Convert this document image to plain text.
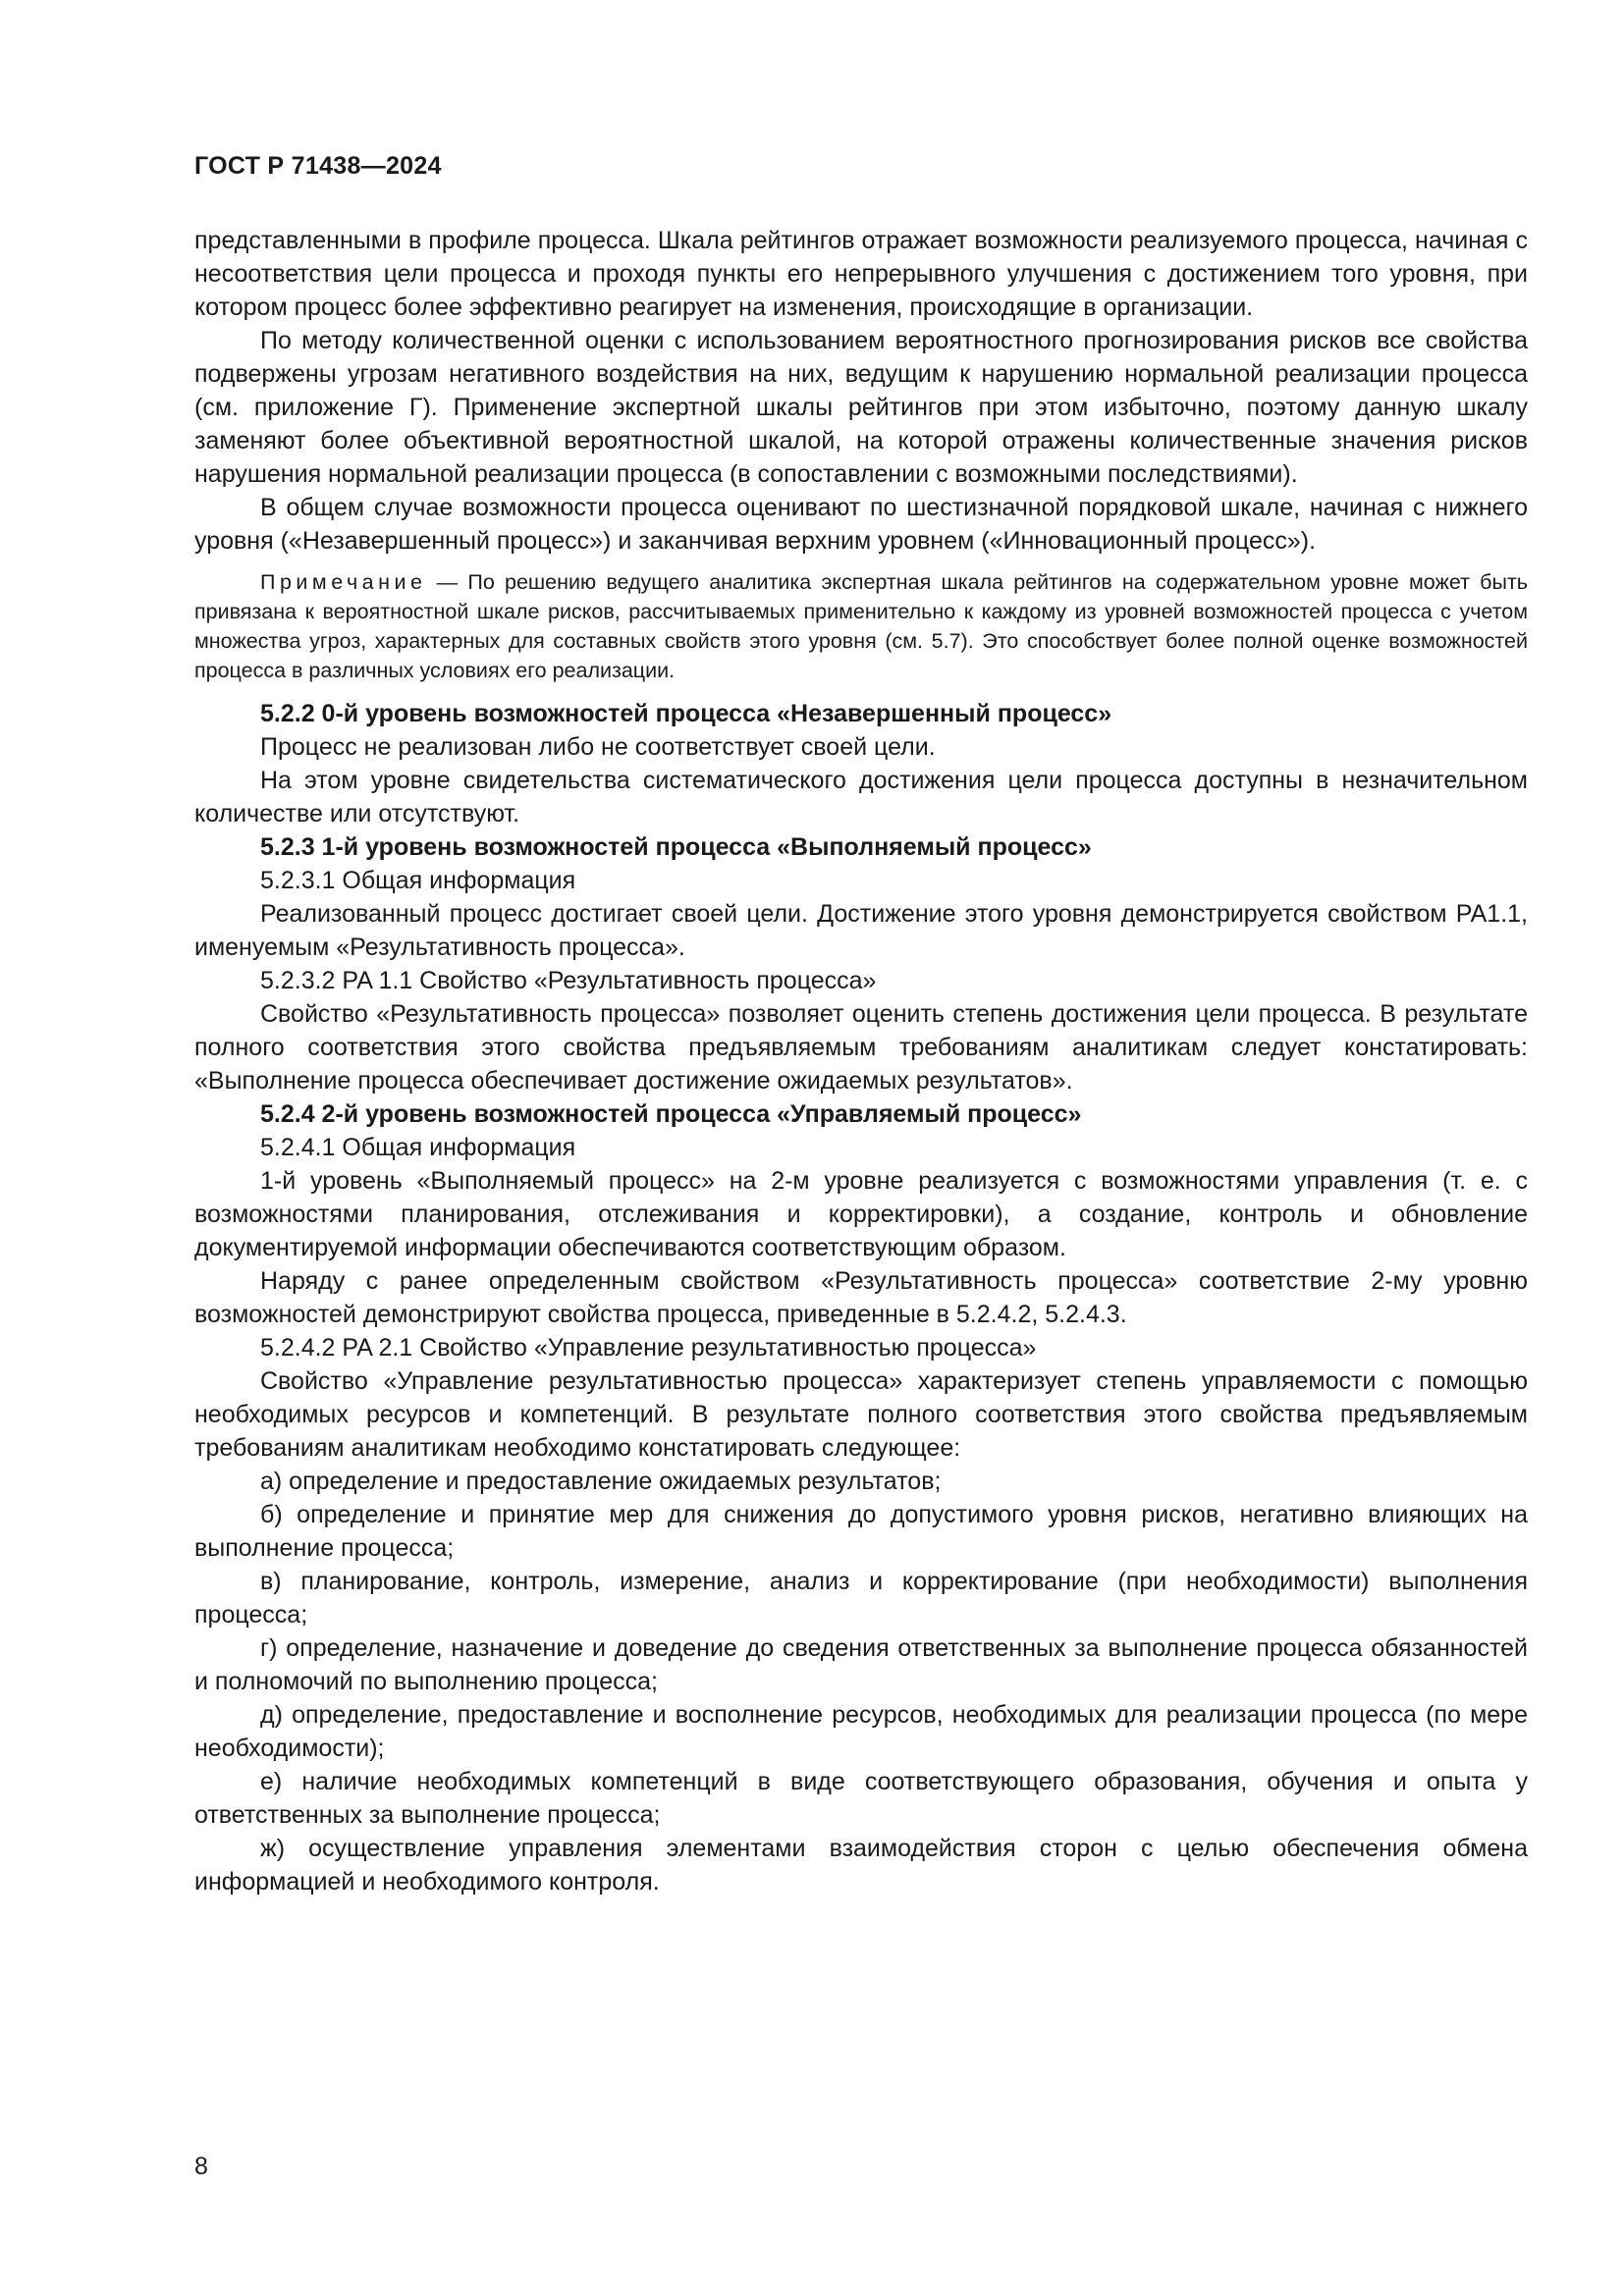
ГОСТ Р 71438—2024

представленными в профиле процесса. Шкала рейтингов отражает возможности реализуемого процесса, начиная с несоответствия цели процесса и проходя пункты его непрерывного улучшения с достижением того уровня, при котором процесс более эффективно реагирует на изменения, происходящие в организации.

По методу количественной оценки с использованием вероятностного прогнозирования рисков все свойства подвержены угрозам негативного воздействия на них, ведущим к нарушению нормальной реализации процесса (см. приложение Г). Применение экспертной шкалы рейтингов при этом избыточно, поэтому данную шкалу заменяют более объективной вероятностной шкалой, на которой отражены количественные значения рисков нарушения нормальной реализации процесса (в сопоставлении с возможными последствиями).

В общем случае возможности процесса оценивают по шестизначной порядковой шкале, начиная с нижнего уровня («Незавершенный процесс») и заканчивая верхним уровнем («Инновационный процесс»).

Примечание — По решению ведущего аналитика экспертная шкала рейтингов на содержательном уровне может быть привязана к вероятностной шкале рисков, рассчитываемых применительно к каждому из уровней возможностей процесса с учетом множества угроз, характерных для составных свойств этого уровня (см. 5.7). Это способствует более полной оценке возможностей процесса в различных условиях его реализации.

5.2.2 0-й уровень возможностей процесса «Незавершенный процесс»

Процесс не реализован либо не соответствует своей цели.

На этом уровне свидетельства систематического достижения цели процесса доступны в незначительном количестве или отсутствуют.

5.2.3 1-й уровень возможностей процесса «Выполняемый процесс»

5.2.3.1 Общая информация

Реализованный процесс достигает своей цели. Достижение этого уровня демонстрируется свойством PA1.1, именуемым «Результативность процесса».

5.2.3.2 PA 1.1 Свойство «Результативность процесса»

Свойство «Результативность процесса» позволяет оценить степень достижения цели процесса. В результате полного соответствия этого свойства предъявляемым требованиям аналитикам следует констатировать: «Выполнение процесса обеспечивает достижение ожидаемых результатов».

5.2.4 2-й уровень возможностей процесса «Управляемый процесс»

5.2.4.1 Общая информация

1-й уровень «Выполняемый процесс» на 2-м уровне реализуется с возможностями управления (т. е. с возможностями планирования, отслеживания и корректировки), а создание, контроль и обновление документируемой информации обеспечиваются соответствующим образом.

Наряду с ранее определенным свойством «Результативность процесса» соответствие 2-му уровню возможностей демонстрируют свойства процесса, приведенные в 5.2.4.2, 5.2.4.3.

5.2.4.2 PA 2.1 Свойство «Управление результативностью процесса»

Свойство «Управление результативностью процесса» характеризует степень управляемости с помощью необходимых ресурсов и компетенций. В результате полного соответствия этого свойства предъявляемым требованиям аналитикам необходимо констатировать следующее:

а) определение и предоставление ожидаемых результатов;

б) определение и принятие мер для снижения до допустимого уровня рисков, негативно влияющих на выполнение процесса;

в) планирование, контроль, измерение, анализ и корректирование (при необходимости) выполнения процесса;

г) определение, назначение и доведение до сведения ответственных за выполнение процесса обязанностей и полномочий по выполнению процесса;

д) определение, предоставление и восполнение ресурсов, необходимых для реализации процесса (по мере необходимости);

е) наличие необходимых компетенций в виде соответствующего образования, обучения и опыта у ответственных за выполнение процесса;

ж) осуществление управления элементами взаимодействия сторон с целью обеспечения обмена информацией и необходимого контроля.

8
